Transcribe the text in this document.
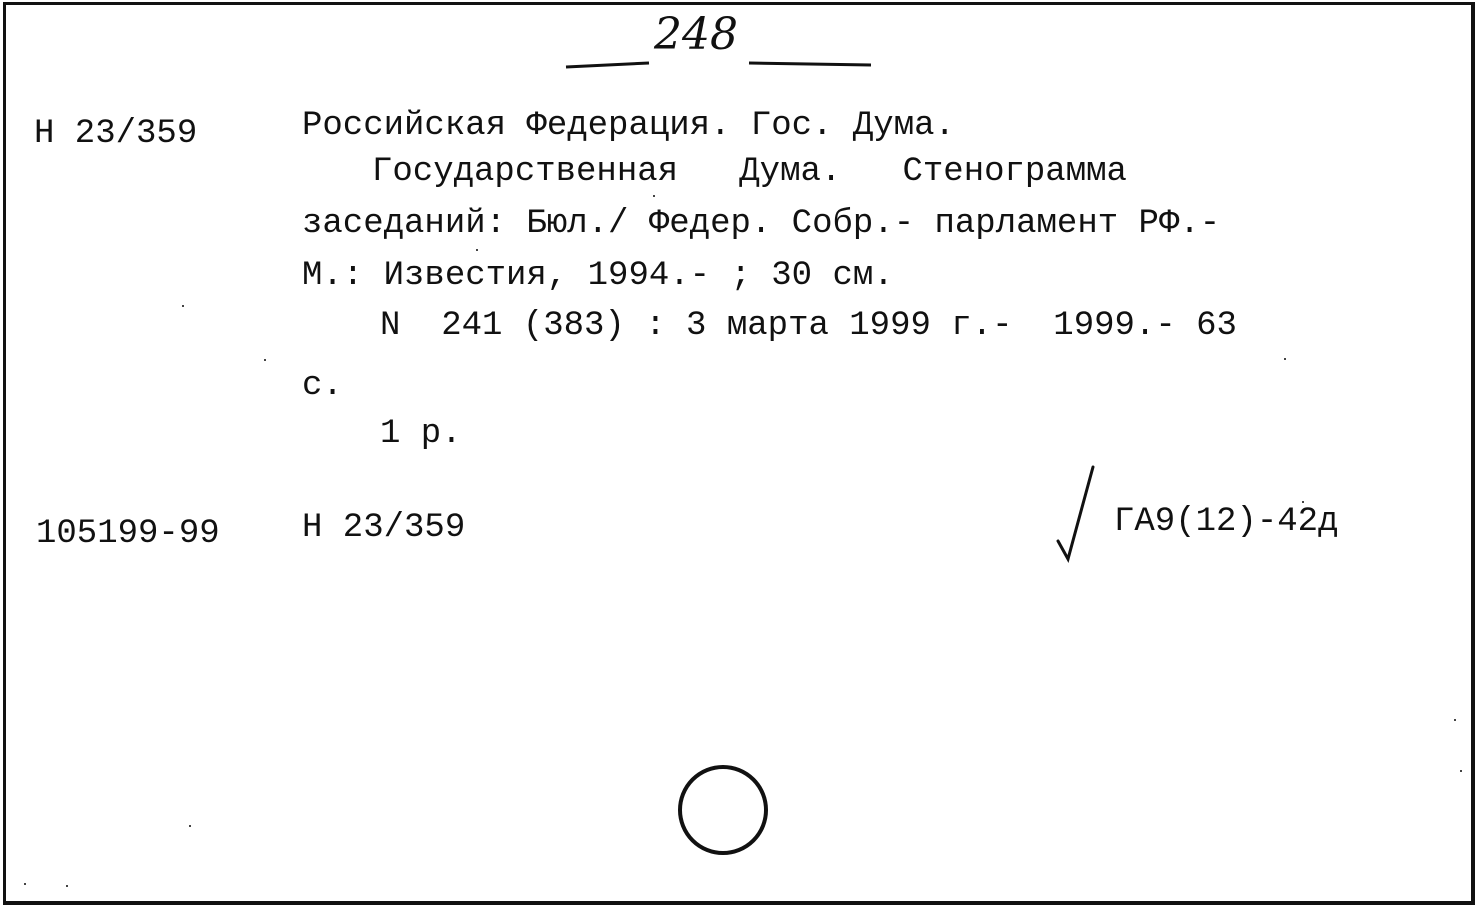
248

Н 23/359	Российская Федерация. Гос. Дума.

Государственная   Дума.   Стенограмма

заседаний: Бюл./ Федер. Собр.- парламент РФ.-

М.: Известия, 1994.- ; 30 см.

N  241 (383) : 3 марта 1999 г.-  1999.- 63

с.

1 р.

105199-99 Н 23/359	ГА9(12)-42д
